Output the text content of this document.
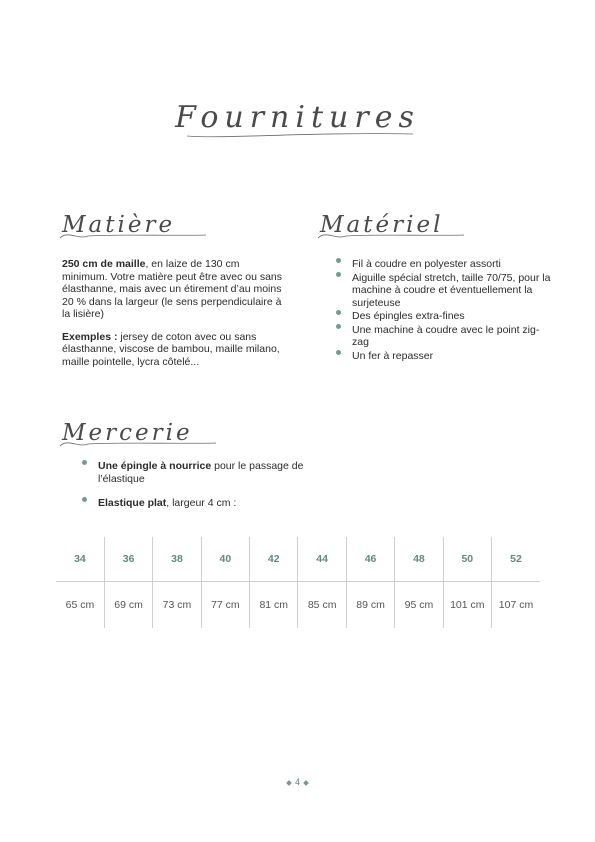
Fournitures
Matière	Matériel

250 cm de maille, en laize de 130 cm minimum. Votre matière peut être avec ou sans élasthanne, mais avec un étirement d’au moins 20 % dans la largeur (le sens perpendiculaire à la lisière)

Exemples : jersey de coton avec ou sans élasthanne, viscose de bambou, maille milano, maille pointelle, lycra côtelé...

Fil à coudre en polyester assorti
Aiguille spécial stretch, taille 70/75, pour la machine à coudre et éventuellement la surjeteuse
Des épingles extra-fines
Une machine à coudre avec le point zig-zag
Un fer à repasser
Mercerie
Une épingle à nourrice pour le passage de l’élastique
Elastique plat, largeur 4 cm :
34	36	38	40	42	44	46	48	50	52
65 cm	69 cm	73 cm	77 cm	81 cm	85 cm	89 cm	95 cm	101 cm	107 cm
4
